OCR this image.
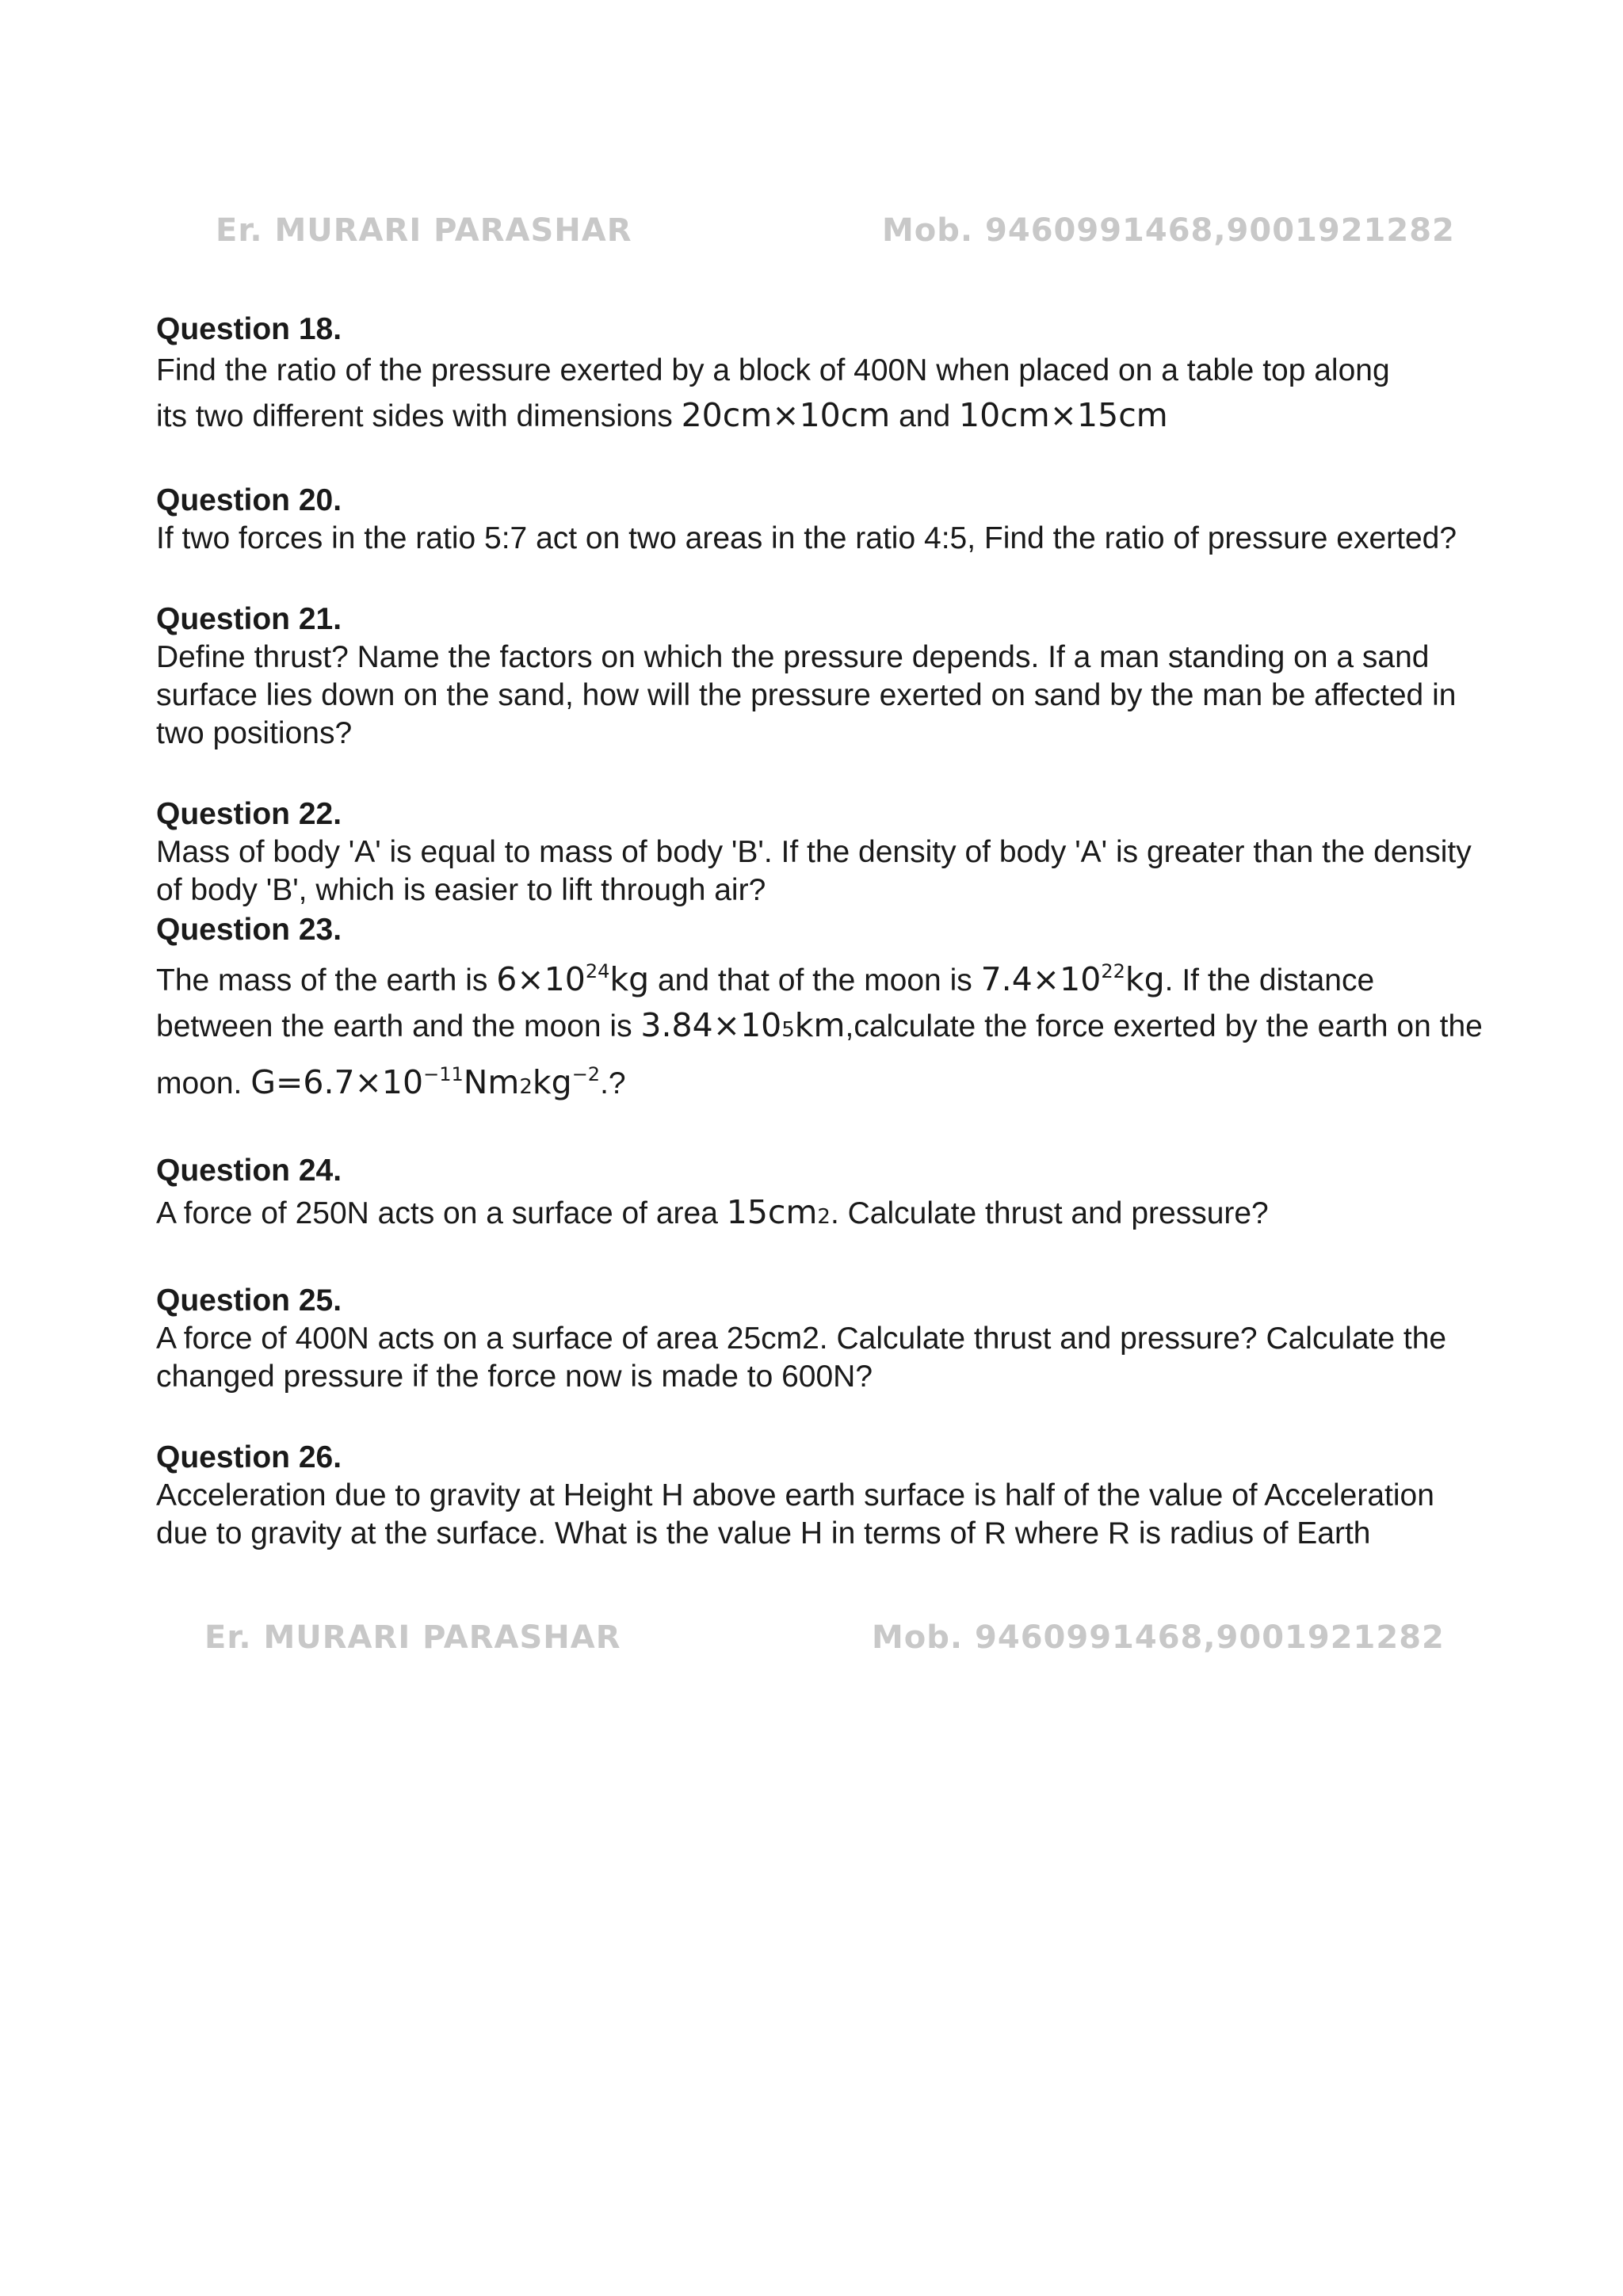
Er. MURARI PARASHAR	Mob. 9460991468,9001921282
Question 18.
Find the ratio of the pressure exerted by a block of 400N when placed on a table top along
its two different sides with dimensions 20cm×10cm and 10cm×15cm
Question 20.
If two forces in the ratio 5:7 act on two areas in the ratio 4:5, Find the ratio of pressure exerted?
Question 21.
Define thrust? Name the factors on which the pressure depends. If a man standing on a sand surface lies down on the sand, how will the pressure exerted on sand by the man be affected in two positions?
Question 22.
Mass of body 'A' is equal to mass of body 'B'. If the density of body 'A' is greater than the density of body 'B', which is easier to lift through air?
Question 23.
The mass of the earth is $6\times 10^{24}kg$ and that of the moon is $7.4\times 10^{22}kg$. If the distance between the earth and the moon is 3.84×105km,calculate the force exerted by the earth on the moon. $G=6.7\times 10^{-11}Nm2kg^{-2}$.?
Question 24.
A force of 250N acts on a surface of area 15cm2. Calculate thrust and pressure?
Question 25.
A force of 400N acts on a surface of area 25cm2. Calculate thrust and pressure? Calculate the changed pressure if the force now is made to 600N?
Question 26.
Acceleration due to gravity at Height H above earth surface is half of the value of Acceleration due to gravity at the surface. What is the value H in terms of R where R is radius of Earth
Er. MURARI PARASHAR	Mob. 9460991468,9001921282
